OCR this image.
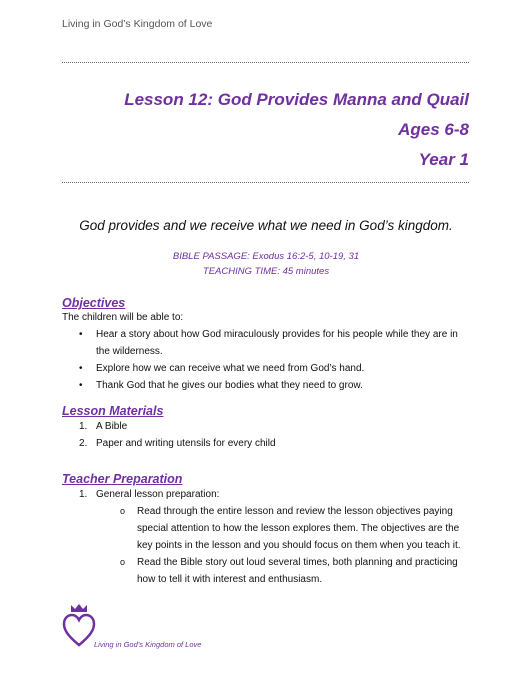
Living in God’s Kingdom of Love
Lesson 12: God Provides Manna and Quail
Ages 6-8
Year 1
God provides and we receive what we need in God’s kingdom.
BIBLE PASSAGE: Exodus 16:2-5, 10-19, 31
TEACHING TIME: 45 minutes
Objectives
The children will be able to:
• Hear a story about how God miraculously provides for his people while they are in the wilderness.
• Explore how we can receive what we need from God’s hand.
• Thank God that he gives our bodies what they need to grow.
Lesson Materials
1. A Bible
2. Paper and writing utensils for every child
Teacher Preparation
1. General lesson preparation:
o Read through the entire lesson and review the lesson objectives paying special attention to how the lesson explores them. The objectives are the key points in the lesson and you should focus on them when you teach it.
o Read the Bible story out loud several times, both planning and practicing how to tell it with interest and enthusiasm.
Living in God’s Kingdom of Love
